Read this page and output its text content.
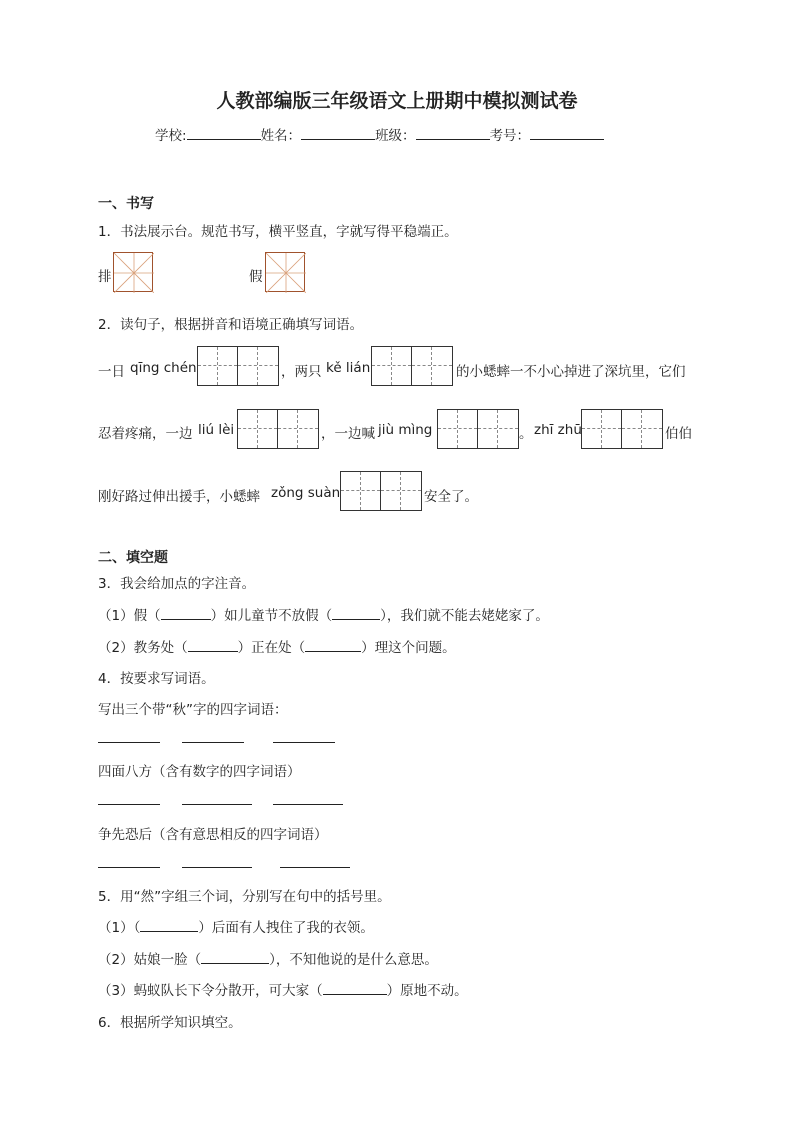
人教部编版三年级语文上册期中模拟测试卷
学校:	姓名：	班级：	考号：
一、书写
1．书法展示台。规范书写，横平竖直，字就写得平稳端正。
排	假
2．读句子，根据拼音和语境正确填写词语。
一日 qīng chén	，两只 kě lián	的小蟋蟀一不小心掉进了深坑里，它们
忍着疼痛，一边 liú lèi	，一边喊 jiù mìng	。 zhī zhū	伯伯
刚好路过伸出援手，小蟋蟀 zǒng suàn	安全了。
二、填空题
3．我会给加点的字注音。
（1）假（	）如儿童节不放假（	），我们就不能去姥姥家了。
（2）教务处（	）正在处（	）理这个问题。
4．按要求写词语。
写出三个带“秋”字的四字词语：
四面八方（含有数字的四字词语）
争先恐后（含有意思相反的四字词语）
5．用“然”字组三个词，分别写在句中的括号里。
（1）（	）后面有人拽住了我的衣领。
（2）姑娘一脸（	），不知他说的是什么意思。
（3）蚂蚁队长下令分散开，可大家（	）原地不动。
6．根据所学知识填空。
